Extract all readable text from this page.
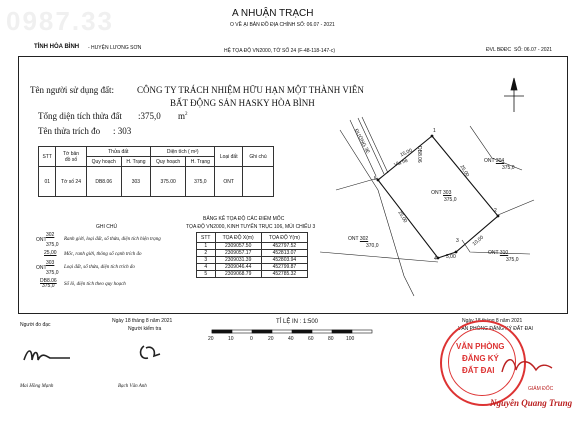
0987.33	A NHUẬN TRẠCH
O VỀ ẠI BẢN ĐỒ ĐỊA CHÍNH SỐ: 06.07 - 2021
HỆ TỌA ĐỘ VN2000, TỜ SỐ 24 (F-48-118-147-c)
TỈNH HÒA BÌNH - HUYỆN LƯƠNG SƠN	ĐVL BĐĐC SỐ: 06.07 - 2021
Tên người sử dụng đất:	CÔNG TY TRÁCH NHIỆM HỮU HẠN MỘT THÀNH VIÊN
BẤT ĐỘNG SẢN HASKY HÒA BÌNH
Tổng diện tích thửa đất :375,0 $m^2$
Tên thửa trích đo : 303
STT	Tờ bản
đồ số	Thửa đất		Diện tích ( m²)		Loại đất	Ghi chú
		Quy hoạch	H. Trạng	Quy hoạch	H. Trạng		
01	Tờ số 24	DB8.06	303	375.00	375,0	ONT	
GHI CHÚ
302
ONT
375,0
Ranh giới, loại đất, số thửa, diện tích hiện trạng
25,00 Mốc, ranh giới, thông số cạnh trích đo
303
ONT
375,0
Loại đất, số thửa, diện tích trích đo
DB8.06
375,0 Số lô, diện tích theo quy hoạch
BẢNG KÊ TỌA ĐỘ CÁC ĐIỂM MỐC
TỌA ĐỘ VN2000, KINH TUYẾN TRỤC 106, MÚI CHIẾU 3
STT	TỌA ĐỘ X(m)	TỌA ĐỘ Y(m)
1	2309057.50	452797.52
2	2309057.17	452813.07
3	2309031.39	452803.94
4	2309046.44	452799.87
5	2309068.79	452785.32
ĐƯỜNG 3E
Vỉa hè
DB8.06
15,00
25,00
25,00
10,00
5,00
1
2
3
4
5
ONT 303
375,0
ONT 304
375,0
ONT 302
370,0
ONT 310
375,0
TỈ LỆ IN : 1:500
20	10	0	20	40	60	80 100
Người đo đạc
Ngày 18 tháng 8 năm 2021
Người kiểm tra
Ngày 18 tháng 8 năm 2021
VĂN PHÒNG ĐĂNG KÝ ĐẤT ĐAI
Mai Hồng Mạnh	Bạch Văn Anh
VĂN PHÒNG
ĐĂNG KÝ
ĐẤT ĐAI
GIÁM ĐỐC
Nguyễn Quang Trung
